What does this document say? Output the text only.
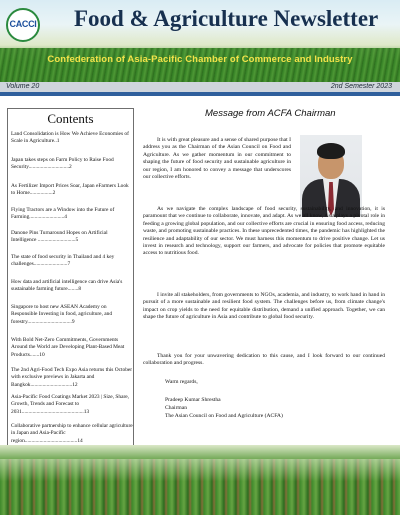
CACCI Food & Agriculture Newsletter
Confederation of Asia-Pacific Chamber of Commerce and Industry
Volume 20	2nd Semester 2023
Contents
Land Consolidation is How We Achieve Economies of Scale in Agriculture..1
Japan takes steps on Farm Policy to Raise Food Security..............................2
As Fertilizer Import Prices Soar, Japan eFarmers Look to Home.................2
Flying Tractors are a Window into the Future of Farming..........................4
Danone Pins Turnaround Hopes on Artificial Intelligence ............................5
The state of food security in Thailand and 4 key challenges.........................7
How data and artificial intelligence can drive Asia's sustainable farming future........8
Singapore to host new ASEAN Academy on Responsible Investing in food, agriculture, and forestry.................................9
With Bold Net-Zero Commitments, Governments Around the World are Developing Plant-Based Meat Products.......10
The 2nd Agri-Food Tech Expo Asia returns this October with exclusive previews in Jakarta and Bangkok...............................12
Asia-Pacific Food Coatings Market 2023 | Size, Share, Growth, Trends and Forecast to 2031..............................................13
Collaborative partnership to enhance cellular agriculture in Japan and Asia-Pacific region.......................................14
Message from ACFA Chairman
It is with great pleasure and a sense of shared purpose that I address you as the Chairman of the Asian Council on Food and Agriculture. As we gather momentum in our commitment to shaping the future of food security and sustainable agriculture in our region, I am honored to convey a message that underscores our collective efforts.
As we navigate the complex landscape of food security, sustainability, and innovation, it is paramount that we continue to collaborate, innovate, and adapt. As we all know, Asia plays a pivotal role in feeding a growing global population, and our collective efforts are crucial in ensuring food access, reducing waste, and promoting sustainable practices. In these unprecedented times, the pandemic has highlighted the resilience and adaptability of our sector. We must harness this momentum to drive positive change. Let us invest in research and technology, support our farmers, and advocate for policies that promote equitable access to nutritious food.
I invite all stakeholders, from governments to NGOs, academia, and industry, to work hand in hand in pursuit of a more sustainable and resilient food system. The challenges before us, from climate change's impact on crop yields to the need for equitable distribution, demand a unified approach. Together, we can shape the future of agriculture in Asia and contribute to global food security.
Thank you for your unwavering dedication to this cause, and I look forward to our continued collaboration and progress.
Warm regards,
Pradeep Kumar Shrestha
Chairman
The Asian Council on Food and Agriculture (ACFA)
